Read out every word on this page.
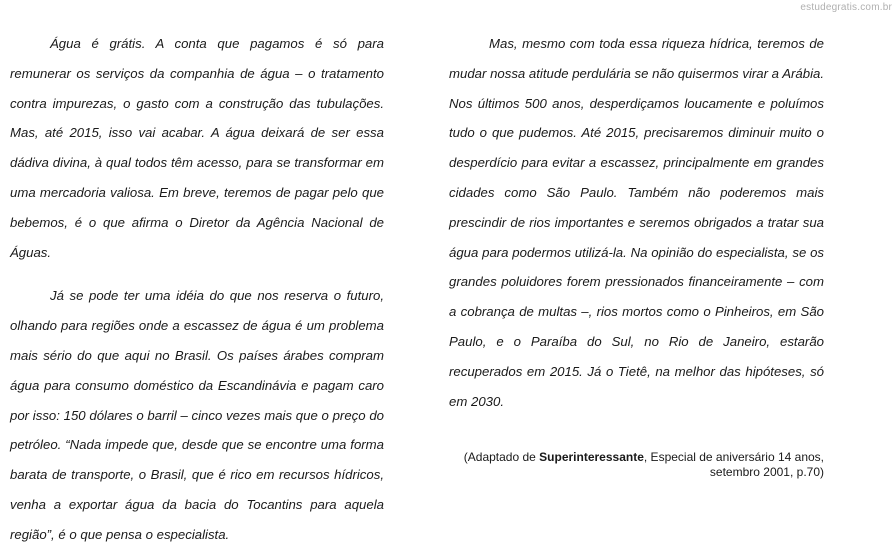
estudegratis.com.br
Água é grátis. A conta que pagamos é só para
remunerar os serviços da companhia de água – o tratamento
contra impurezas, o gasto com a construção das tubulações.
Mas, até 2015, isso vai acabar. A água deixará de ser essa
dádiva divina, à qual todos têm acesso, para se transformar em
uma mercadoria valiosa. Em breve, teremos de pagar pelo que
bebemos, é o que afirma o Diretor da Agência Nacional de
Águas.
Já se pode ter uma idéia do que nos reserva o futuro,
olhando para regiões onde a escassez de água é um problema
mais sério do que aqui no Brasil. Os países árabes compram
água para consumo doméstico da Escandinávia e pagam caro
por isso: 150 dólares o barril – cinco vezes mais que o preço do
petróleo. “Nada impede que, desde que se encontre uma forma
barata de transporte, o Brasil, que é rico em recursos hídricos,
venha a exportar água da bacia do Tocantins para aquela
região”, é o que pensa o especialista.
Mas, mesmo com toda essa riqueza hídrica, teremos de
mudar nossa atitude perdulária se não quisermos virar a Arábia.
Nos últimos 500 anos, desperdiçamos loucamente e poluímos
tudo o que pudemos. Até 2015, precisaremos diminuir muito o
desperdício para evitar a escassez, principalmente em grandes
cidades como São Paulo. Também não poderemos mais
prescindir de rios importantes e seremos obrigados a tratar sua
água para podermos utilizá-la. Na opinião do especialista, se os
grandes poluidores forem pressionados financeiramente – com
a cobrança de multas –, rios mortos como o Pinheiros, em São
Paulo, e o Paraíba do Sul, no Rio de Janeiro, estarão
recuperados em 2015. Já o Tietê, na melhor das hipóteses, só
em 2030.
(Adaptado de Superinteressante, Especial de aniversário 14 anos,
setembro 2001, p.70)
